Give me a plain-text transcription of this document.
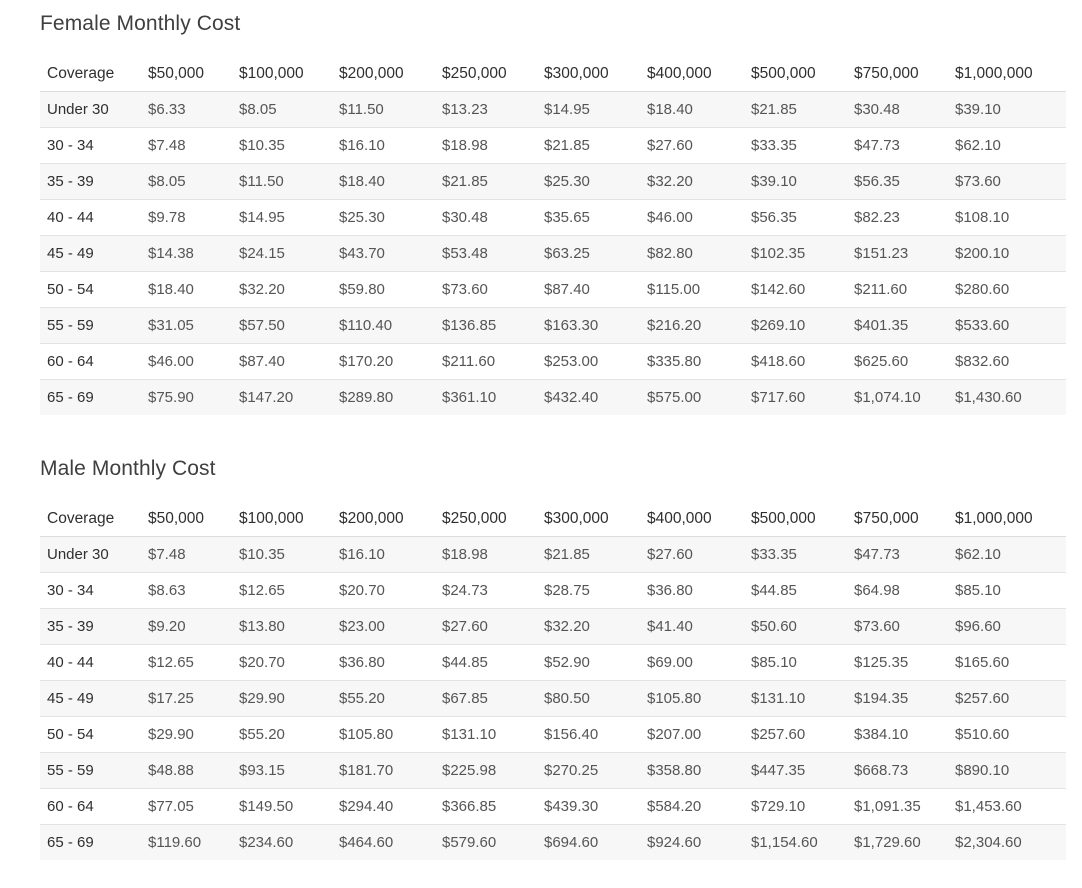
Female Monthly Cost
Coverage	$50,000	$100,000	$200,000	$250,000	$300,000	$400,000	$500,000	$750,000	$1,000,000
Under 30	$6.33	$8.05	$11.50	$13.23	$14.95	$18.40	$21.85	$30.48	$39.10
30 - 34	$7.48	$10.35	$16.10	$18.98	$21.85	$27.60	$33.35	$47.73	$62.10
35 - 39	$8.05	$11.50	$18.40	$21.85	$25.30	$32.20	$39.10	$56.35	$73.60
40 - 44	$9.78	$14.95	$25.30	$30.48	$35.65	$46.00	$56.35	$82.23	$108.10
45 - 49	$14.38	$24.15	$43.70	$53.48	$63.25	$82.80	$102.35	$151.23	$200.10
50 - 54	$18.40	$32.20	$59.80	$73.60	$87.40	$115.00	$142.60	$211.60	$280.60
55 - 59	$31.05	$57.50	$110.40	$136.85	$163.30	$216.20	$269.10	$401.35	$533.60
60 - 64	$46.00	$87.40	$170.20	$211.60	$253.00	$335.80	$418.60	$625.60	$832.60
65 - 69	$75.90	$147.20	$289.80	$361.10	$432.40	$575.00	$717.60	$1,074.10	$1,430.60
Male Monthly Cost
Coverage	$50,000	$100,000	$200,000	$250,000	$300,000	$400,000	$500,000	$750,000	$1,000,000
Under 30	$7.48	$10.35	$16.10	$18.98	$21.85	$27.60	$33.35	$47.73	$62.10
30 - 34	$8.63	$12.65	$20.70	$24.73	$28.75	$36.80	$44.85	$64.98	$85.10
35 - 39	$9.20	$13.80	$23.00	$27.60	$32.20	$41.40	$50.60	$73.60	$96.60
40 - 44	$12.65	$20.70	$36.80	$44.85	$52.90	$69.00	$85.10	$125.35	$165.60
45 - 49	$17.25	$29.90	$55.20	$67.85	$80.50	$105.80	$131.10	$194.35	$257.60
50 - 54	$29.90	$55.20	$105.80	$131.10	$156.40	$207.00	$257.60	$384.10	$510.60
55 - 59	$48.88	$93.15	$181.70	$225.98	$270.25	$358.80	$447.35	$668.73	$890.10
60 - 64	$77.05	$149.50	$294.40	$366.85	$439.30	$584.20	$729.10	$1,091.35	$1,453.60
65 - 69	$119.60	$234.60	$464.60	$579.60	$694.60	$924.60	$1,154.60	$1,729.60	$2,304.60
